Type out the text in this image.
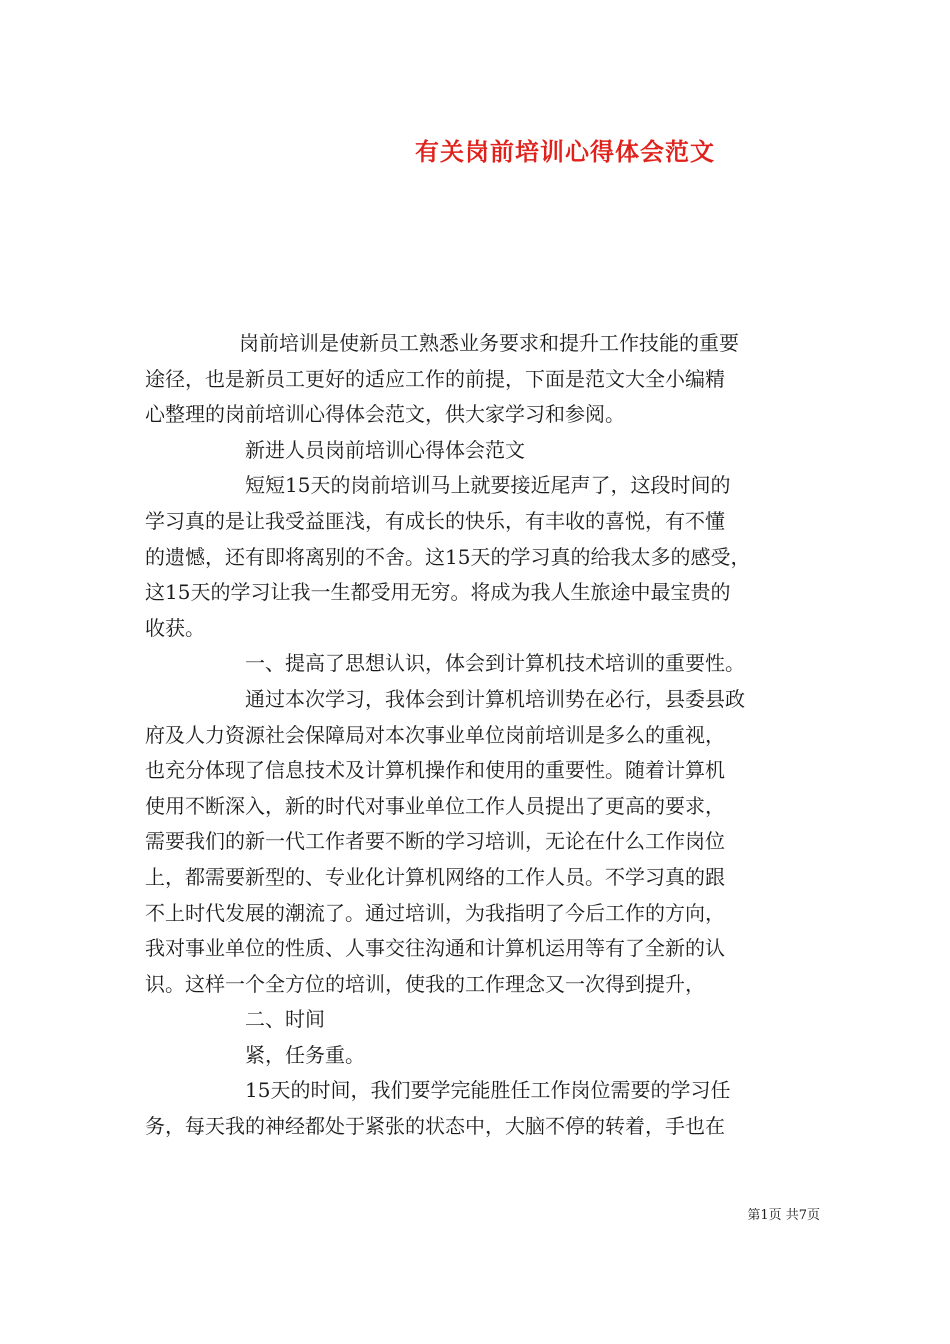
有关岗前培训心得体会范文
岗前培训是使新员工熟悉业务要求和提升工作技能的重要
途径，也是新员工更好的适应工作的前提，下面是范文大全小编精
心整理的岗前培训心得体会范文，供大家学习和参阅。
新进人员岗前培训心得体会范文
短短15天的岗前培训马上就要接近尾声了，这段时间的
学习真的是让我受益匪浅，有成长的快乐，有丰收的喜悦，有不懂
的遗憾，还有即将离别的不舍。这15天的学习真的给我太多的感受，
这15天的学习让我一生都受用无穷。将成为我人生旅途中最宝贵的
收获。
一、提高了思想认识，体会到计算机技术培训的重要性。
通过本次学习，我体会到计算机培训势在必行，县委县政
府及人力资源社会保障局对本次事业单位岗前培训是多么的重视，
也充分体现了信息技术及计算机操作和使用的重要性。随着计算机
使用不断深入，新的时代对事业单位工作人员提出了更高的要求，
需要我们的新一代工作者要不断的学习培训，无论在什么工作岗位
上，都需要新型的、专业化计算机网络的工作人员。不学习真的跟
不上时代发展的潮流了。通过培训，为我指明了今后工作的方向，
我对事业单位的性质、人事交往沟通和计算机运用等有了全新的认
识。这样一个全方位的培训，使我的工作理念又一次得到提升，
二、时间
紧，任务重。
15天的时间，我们要学完能胜任工作岗位需要的学习任
务，每天我的神经都处于紧张的状态中，大脑不停的转着，手也在
第1页 共7页
